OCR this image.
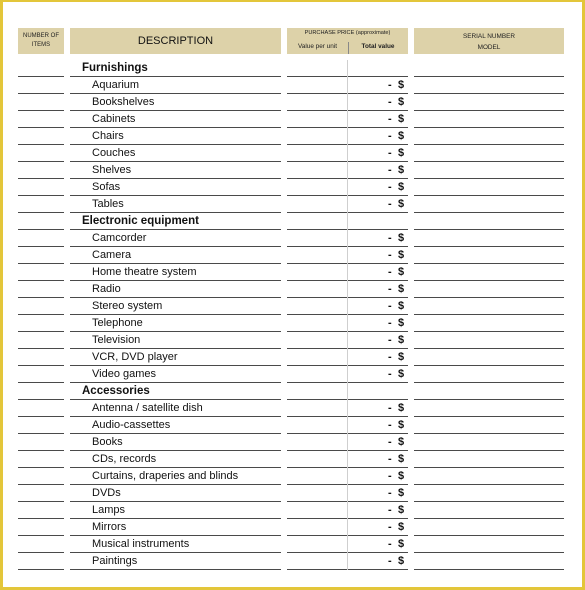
NUMBER OF ITEMS	DESCRIPTION
PURCHASE PRICE (approximate)
Value per unit	Total value
SERIAL NUMBER
MODEL
Furnishings
Aquarium	- $
Bookshelves	- $
Cabinets	- $
Chairs	- $
Couches	- $
Shelves	- $
Sofas	- $
Tables	- $
Electronic equipment
Camcorder	- $
Camera	- $
Home theatre system	- $
Radio	- $
Stereo system	- $
Telephone	- $
Television	- $
VCR, DVD player	- $
Video games	- $
Accessories
Antenna / satellite dish	- $
Audio-cassettes	- $
Books	- $
CDs, records	- $
Curtains, draperies and blinds	- $
DVDs	- $
Lamps	- $
Mirrors	- $
Musical instruments	- $
Paintings	- $
